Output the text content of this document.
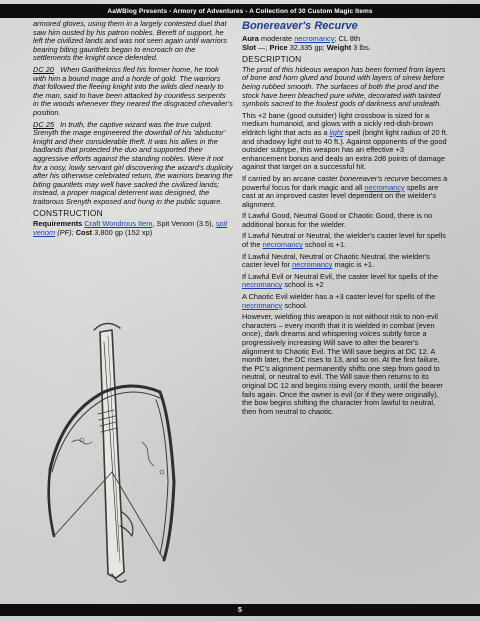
AaWBlog Presents - Armory of Adventures - A Collection of 30 Custom Magic Items

armored gloves, using them in a largely contested duel that saw him ousted by his patron nobles. Bereft of support, he left the civilized lands and was not seen again until warriors bearing biting gauntlets began to encroach on the settlements the knight once defended.

DC 20 When Garithekriss fled his former home, he took with him a bound mage and a horde of gold. The warriors that followed the fleeing knight into the wilds died nearly to the man, said to have been attacked by countless serpents in the woods whenever they neared the disgraced chevalier's position.

DC 25 In truth, the captive wizard was the true culprit. Srenyth the mage engineered the downfall of his 'abductor' knight and their considerable theft. It was his allies in the badlands that protected the duo and supported their aggressive efforts against the standing nobles. Were it not for a nosy, lowly servant girl discovering the wizard's duplicity after his otherwise celebrated return, the warriors bearing the biting gauntlets may well have sacked the civilized lands; instead, a proper magical deterrent was designed, the traitorous Srenyth exposed and hung in the public square.

CONSTRUCTION

Requirements Craft Wondrous Item, Spit Venom (3.5), spit venom (PF); Cost 3,800 gp (152 xp)

Bonereaver's Recurve

Aura moderate necromancy; CL 8th

Slot —; Price 32,335 gp; Weight 3 lbs.

DESCRIPTION

The prod of this hideous weapon has been formed from layers of bone and horn glued and bound with layers of sinew before being rubbed smooth. The surfaces of both the prod and the stock have been bleached pure white, decorated with tainted symbols sacred to the foulest gods of darkness and undeath.

This +2 bane (good outsider) light crossbow is sized for a medium humanoid, and glows with a sickly red-dish-brown eldritch light that acts as a light spell (bright light radius of 20 ft. and shadowy light out to 40 ft.). Against opponents of the good outsider subtype, this weapon has an effective +3 enhancement bonus and deals an extra 2d6 points of damage against that target on a successful hit.

If carried by an arcane caster bonereaver's recurve becomes a powerful focus for dark magic and all necromancy spells are cast at an improved caster level dependent on the wielder's alignment.

If Lawful Good, Neutral Good or Chaotic Good, there is no additional bonus for the wielder.

If Lawful Neutral or Neutral, the wielder's caster level for spells of the necromancy school is +1.

If Lawful Neutral, Neutral or Chaotic Neutral, the wielder's caster level for necromancy magic is +1.

If Lawful Evil or Neutral Evil, the caster level for spells of the necromancy school is +2

A Chaotic Evil wielder has a +3 caster level for spells of the necromancy school.

However, wielding this weapon is not without risk to non-evil characters – every month that it is wielded in combat (even once), dark dreams and whispering voices subtly force a progressively increasing Will save to alter the bearer's alignment to Chaotic Evil. The Will save begins at DC 12. A month later, the DC rises to 13, and so on. At the first failure, the PC's alignment permanently shifts one step from good to neutral, or neutral to evil. The Will save then returns to its original DC 12 and begins rising every month, until the bearer fails again. Once the owner is evil (or if they were originally), the bow begins shifting the character from lawful to neutral, then from neutral to chaotic.

5
